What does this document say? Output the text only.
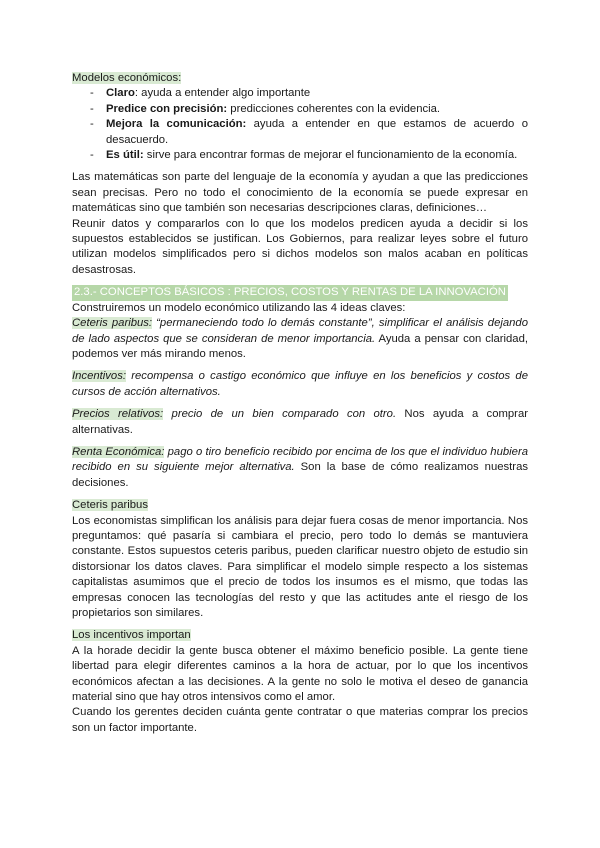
Modelos económicos:

- Claro: ayuda a entender algo importante
- Predice con precisión: predicciones coherentes con la evidencia.
- Mejora la comunicación: ayuda a entender en que estamos de acuerdo o desacuerdo.
- Es útil: sirve para encontrar formas de mejorar el funcionamiento de la economía.

Las matemáticas son parte del lenguaje de la economía y ayudan a que las predicciones sean precisas. Pero no todo el conocimiento de la economía se puede expresar en matemáticas sino que también son necesarias descripciones claras, definiciones…

Reunir datos y compararlos con lo que los modelos predicen ayuda a decidir si los supuestos establecidos se justifican. Los Gobiernos, para realizar leyes sobre el futuro utilizan modelos simplificados pero si dichos modelos son malos acaban en políticas desastrosas.

2.3.- CONCEPTOS BÁSICOS : PRECIOS, COSTOS Y RENTAS DE LA INNOVACIÓN

Construiremos un modelo económico utilizando las 4 ideas claves:

Ceteris paribus: “permaneciendo todo lo demás constante”, simplificar el análisis dejando de lado aspectos que se consideran de menor importancia. Ayuda a pensar con claridad, podemos ver más mirando menos.

Incentivos: recompensa o castigo económico que influye en los beneficios y costos de cursos de acción alternativos.

Precios relativos: precio de un bien comparado con otro. Nos ayuda a comprar alternativas.

Renta Económica: pago o tiro beneficio recibido por encima de los que el individuo hubiera recibido en su siguiente mejor alternativa. Son la base de cómo realizamos nuestras decisiones.

Ceteris paribus

Los economistas simplifican los análisis para dejar fuera cosas de menor importancia. Nos preguntamos: qué pasaría si cambiara el precio, pero todo lo demás se mantuviera constante. Estos supuestos ceteris paribus, pueden clarificar nuestro objeto de estudio sin distorsionar los datos claves. Para simplificar el modelo simple respecto a los sistemas capitalistas asumimos que el precio de todos los insumos es el mismo, que todas las empresas conocen las tecnologías del resto y que las actitudes ante el riesgo de los propietarios son similares.

Los incentivos importan

A la horade decidir la gente busca obtener el máximo beneficio posible. La gente tiene libertad para elegir diferentes caminos a la hora de actuar, por lo que los incentivos económicos afectan a las decisiones. A la gente no solo le motiva el deseo de ganancia material sino que hay otros intensivos como el amor.

Cuando los gerentes deciden cuánta gente contratar o que materias comprar los precios son un factor importante.
